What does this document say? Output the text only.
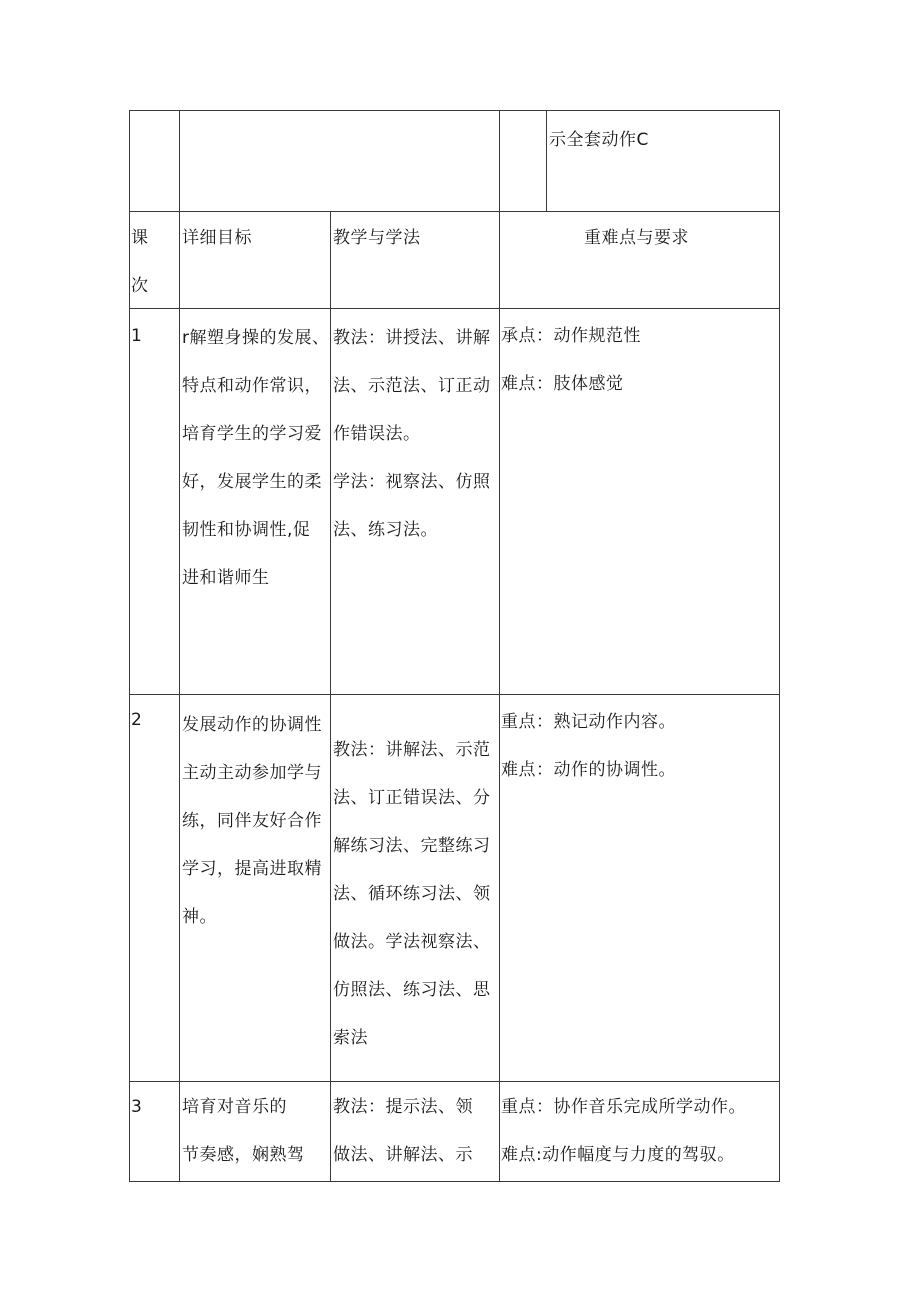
示全套动作C
课
次
详细目标	教学与学法	重难点与要求
1 r解塑身操的发展、
特点和动作常识，
培育学生的学习爱
好，发展学生的柔
韧性和协调性,促
进和谐师生
教法：讲授法、讲解
法、示范法、订正动
作错误法。
学法：视察法、仿照
法、练习法。
承点：动作规范性
难点：肢体感觉
2 发展动作的协调性
主动主动参加学与
练，同伴友好合作
学习，提高进取精
神。
教法：讲解法、示范
法、订正错误法、分
解练习法、完整练习
法、循环练习法、领
做法。学法视察法、
仿照法、练习法、思
索法
重点：熟记动作内容。
难点：动作的协调性。
3 培育对音乐的
节奏感，娴熟驾
教法：提示法、领
做法、讲解法、示
重点：协作音乐完成所学动作。
难点:动作幅度与力度的驾驭。
